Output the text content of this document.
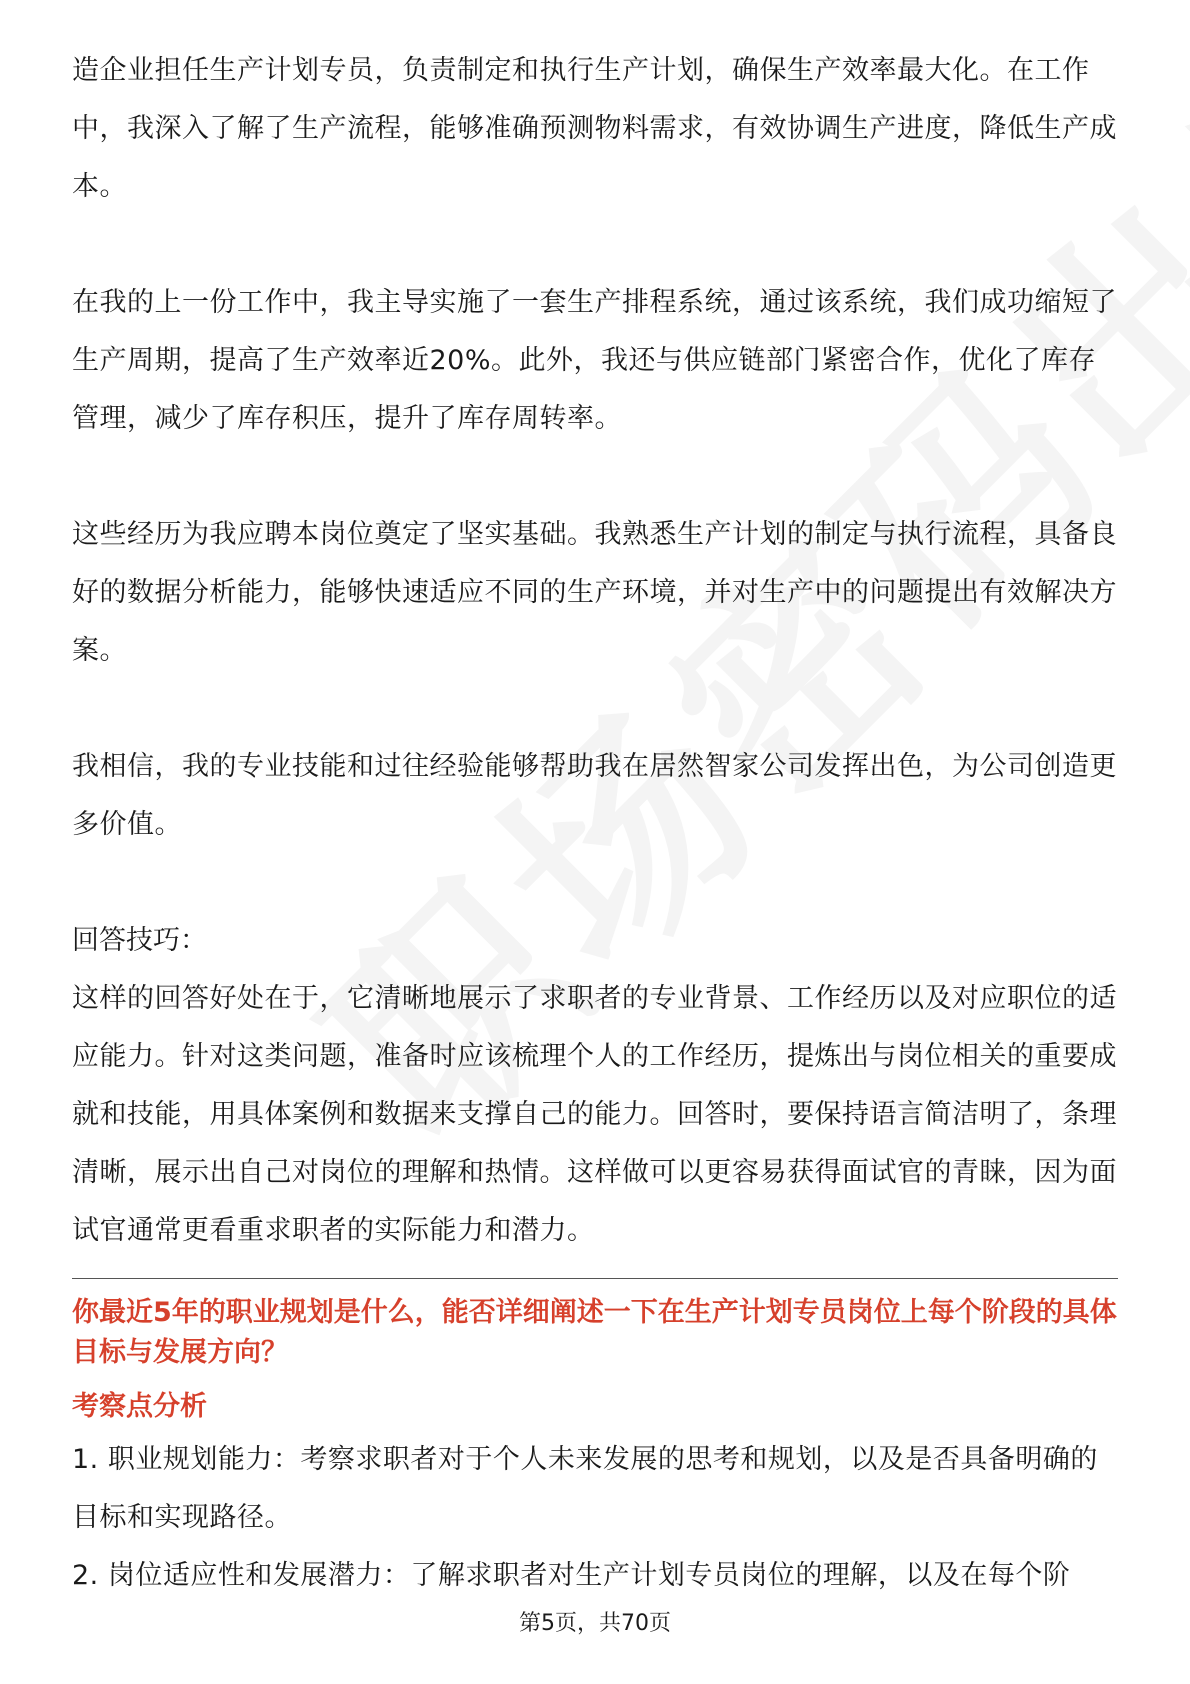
造企业担任生产计划专员，负责制定和执行生产计划，确保生产效率最大化。在工作中，我深入了解了生产流程，能够准确预测物料需求，有效协调生产进度，降低生产成本。

在我的上一份工作中，我主导实施了一套生产排程系统，通过该系统，我们成功缩短了生产周期，提高了生产效率近20%。此外，我还与供应链部门紧密合作，优化了库存管理，减少了库存积压，提升了库存周转率。

这些经历为我应聘本岗位奠定了坚实基础。我熟悉生产计划的制定与执行流程，具备良好的数据分析能力，能够快速适应不同的生产环境，并对生产中的问题提出有效解决方案。

我相信，我的专业技能和过往经验能够帮助我在居然智家公司发挥出色，为公司创造更多价值。

回答技巧：

这样的回答好处在于，它清晰地展示了求职者的专业背景、工作经历以及对应职位的适应能力。针对这类问题，准备时应该梳理个人的工作经历，提炼出与岗位相关的重要成就和技能，用具体案例和数据来支撑自己的能力。回答时，要保持语言简洁明了，条理清晰，展示出自己对岗位的理解和热情。这样做可以更容易获得面试官的青睐，因为面试官通常更看重求职者的实际能力和潜力。

你最近5年的职业规划是什么，能否详细阐述一下在生产计划专员岗位上每个阶段的具体目标与发展方向？

考察点分析

1. 职业规划能力：考察求职者对于个人未来发展的思考和规划，以及是否具备明确的目标和实现路径。

2. 岗位适应性和发展潜力：了解求职者对生产计划专员岗位的理解，以及在每个阶

第5页，共70页
